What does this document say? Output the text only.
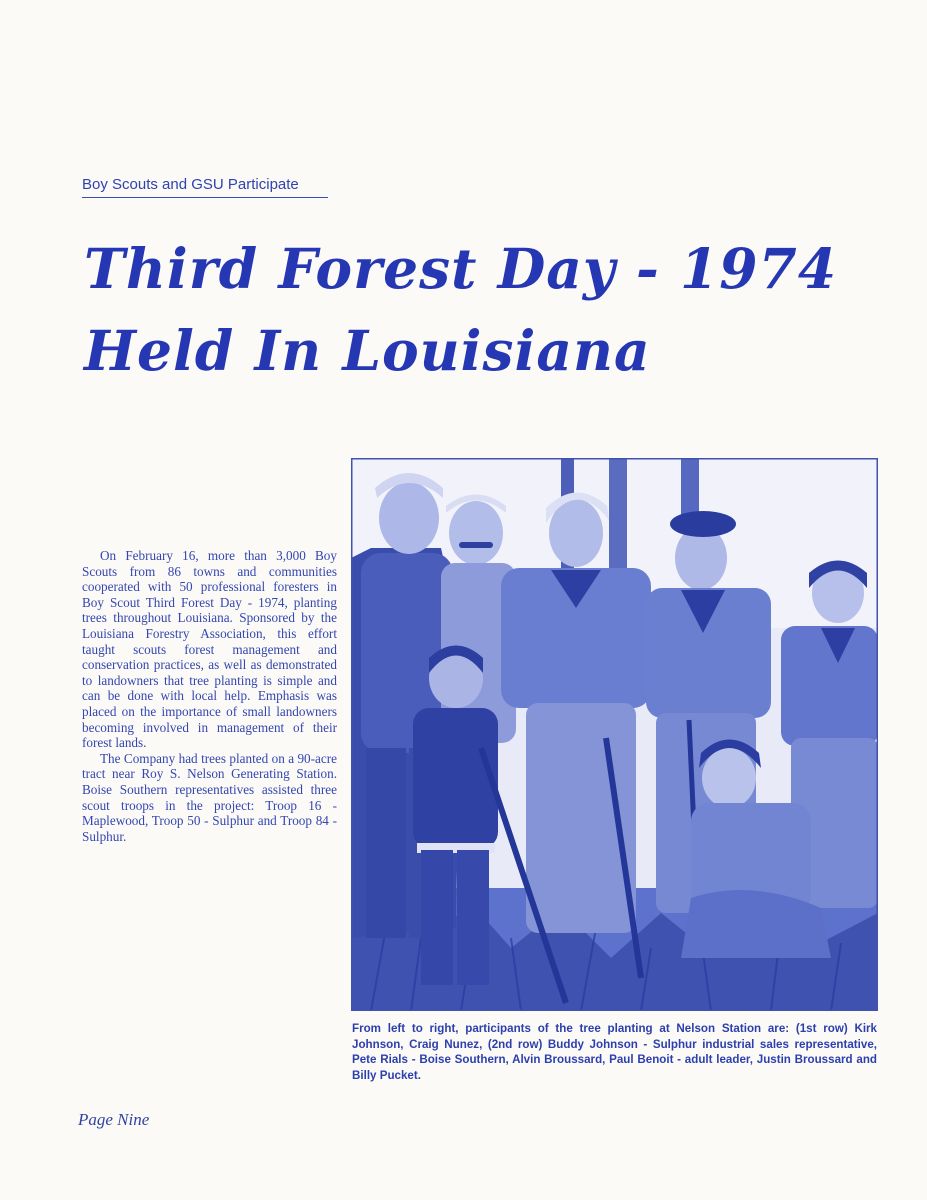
Boy Scouts and GSU Participate
Third Forest Day - 1974
Held In Louisiana

On February 16, more than 3,000 Boy Scouts from 86 towns and communities cooperated with 50 professional foresters in Boy Scout Third Forest Day - 1974, planting trees throughout Louisiana. Sponsored by the Louisiana Forestry Association, this effort taught scouts forest management and conservation practices, as well as demonstrated to landowners that tree planting is simple and can be done with local help. Emphasis was placed on the importance of small landowners becoming involved in management of their forest lands.

The Company had trees planted on a 90-acre tract near Roy S. Nelson Generating Station. Boise Southern representatives assisted three scout troops in the project: Troop 16 - Maplewood, Troop 50 - Sulphur and Troop 84 - Sulphur.

From left to right, participants of the tree planting at Nelson Station are: (1st row) Kirk Johnson, Craig Nunez, (2nd row) Buddy Johnson - Sulphur industrial sales representative, Pete Rials - Boise Southern, Alvin Broussard, Paul Benoit - adult leader, Justin Broussard and Billy Pucket.
Page Nine
